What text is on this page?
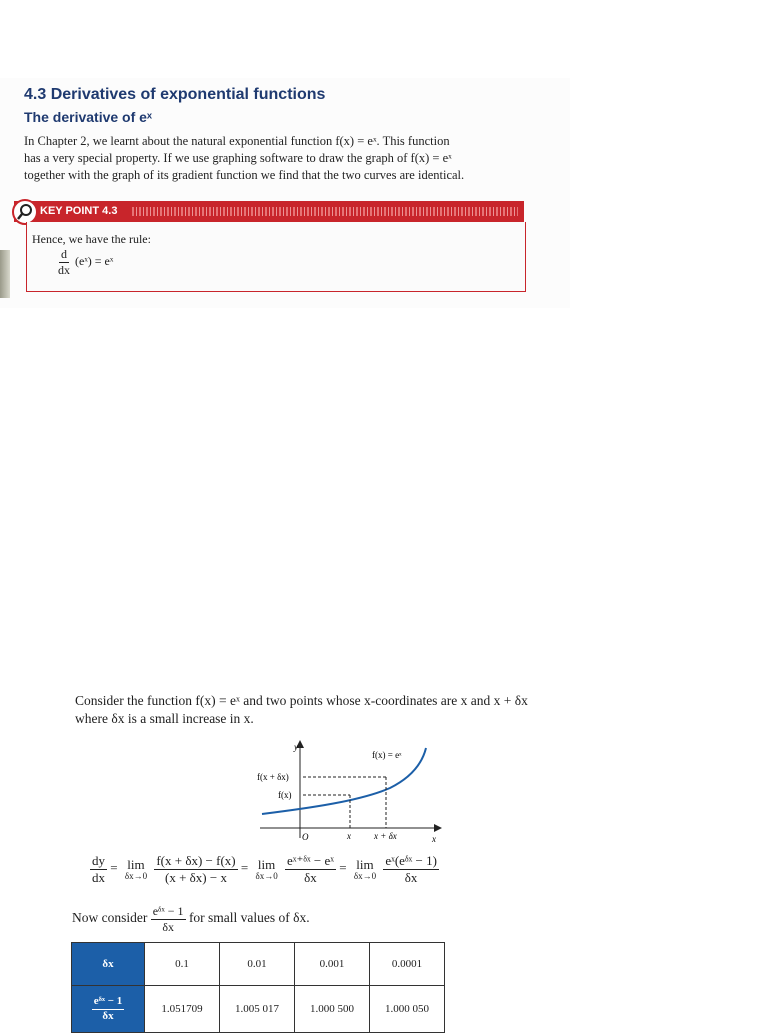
4.3 Derivatives of exponential functions
The derivative of eˣ
In Chapter 2, we learnt about the natural exponential function f(x) = eˣ. This function
has a very special property. If we use graphing software to draw the graph of f(x) = eˣ
together with the graph of its gradient function we find that the two curves are identical.
KEY POINT 4.3
Hence, we have the rule:
$\frac{d}{dx}$ (eˣ) = eˣ
Consider the function f(x) = eˣ and two points whose x-coordinates are x and x + δx
where δx is a small increase in x.
y
x
O
f(x) = eˣ
f(x + δx)
f(x)
x	x + δx
$\frac{dy}{dx} = \lim$
δx→0
$\frac{f(x + \delta x) - f(x)}{(x + \delta x) - x} = \lim$
δx→0
$\frac{\text{eˣ⁺ᵟˣ − eˣ}}{\delta x} = \lim$
δx→0
$\frac{\text{eˣ(eᵟˣ − 1)}}{\delta x}$
Now consider $\frac{\text{eᵟˣ − 1}}{\delta x}$ for small values of δx.
δx	0.1	0.01	0.001	0.0001

$\frac{\text{eᵟˣ − 1}}{\delta x}$	1.051709	1.005 017	1.000 500	1.000 050
